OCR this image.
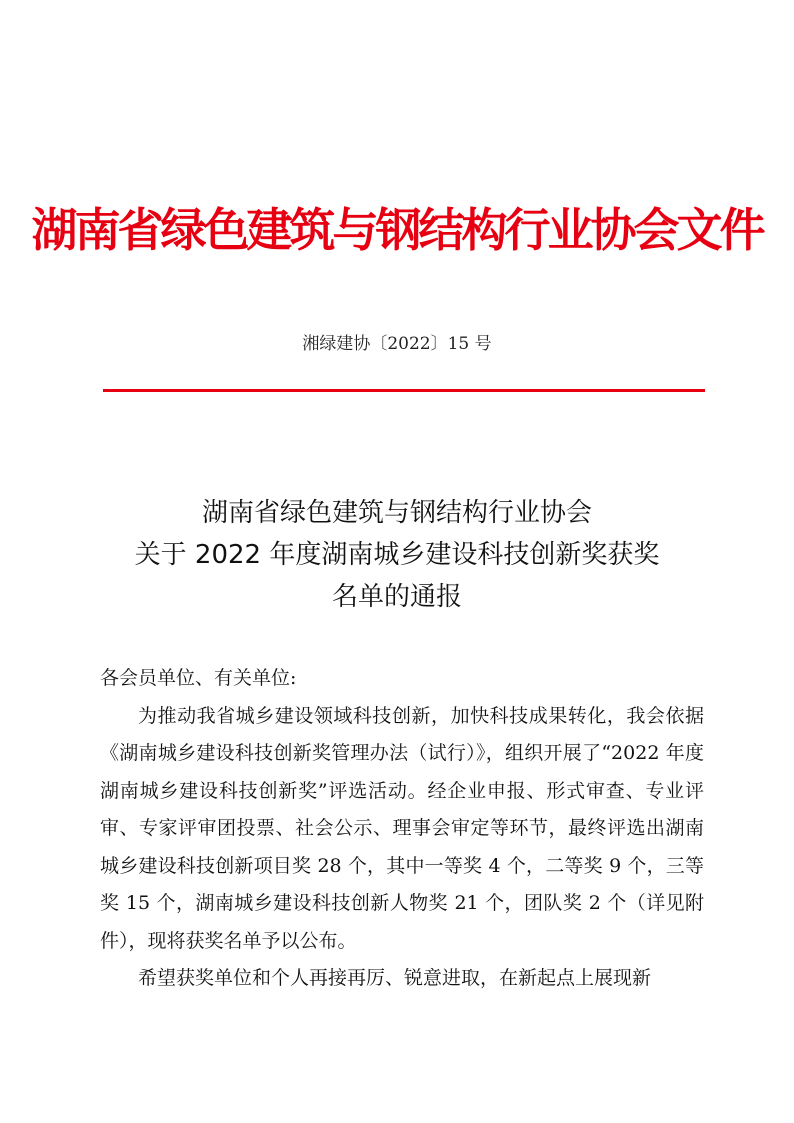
湖南省绿色建筑与钢结构行业协会文件
湘绿建协〔2022〕15 号
湖南省绿色建筑与钢结构行业协会
关于 2022 年度湖南城乡建设科技创新奖获奖
名单的通报

各会员单位、有关单位:

为推动我省城乡建设领域科技创新，加快科技成果转化，我会依据《湖南城乡建设科技创新奖管理办法（试行）》，组织开展了“2022 年度湖南城乡建设科技创新奖”评选活动。经企业申报、形式审查、专业评审、专家评审团投票、社会公示、理事会审定等环节，最终评选出湖南城乡建设科技创新项目奖 28 个，其中一等奖 4 个，二等奖 9 个，三等奖 15 个，湖南城乡建设科技创新人物奖 21 个，团队奖 2 个（详见附件），现将获奖名单予以公布。

希望获奖单位和个人再接再厉、锐意进取，在新起点上展现新
